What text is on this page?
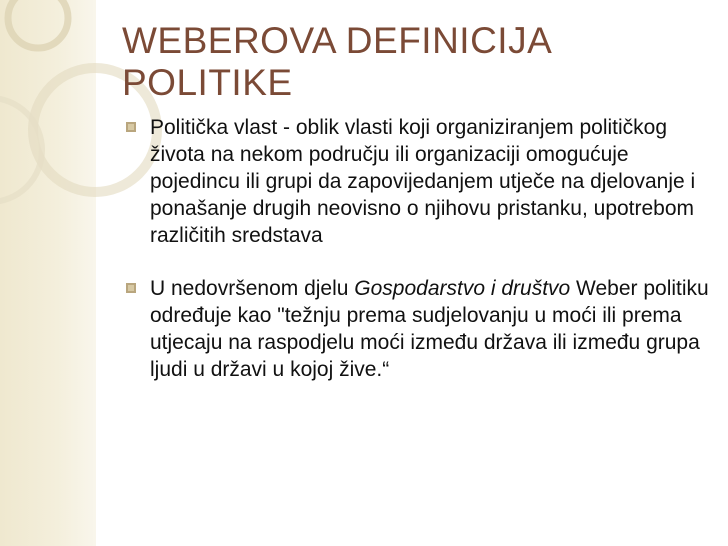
WEBEROVA DEFINICIJA
POLITIKE
Politička vlast - oblik vlasti koji organiziranjem političkog života na nekom području ili organizaciji omogućuje pojedincu ili grupi da zapovijedanjem utječe na djelovanje i ponašanje drugih neovisno o njihovu pristanku, upotrebom različitih sredstava
U nedovršenom djelu Gospodarstvo i društvo Weber politiku određuje kao "težnju prema sudjelovanju u moći ili prema utjecaju na raspodjelu moći između država ili između grupa ljudi u državi u kojoj žive.“
